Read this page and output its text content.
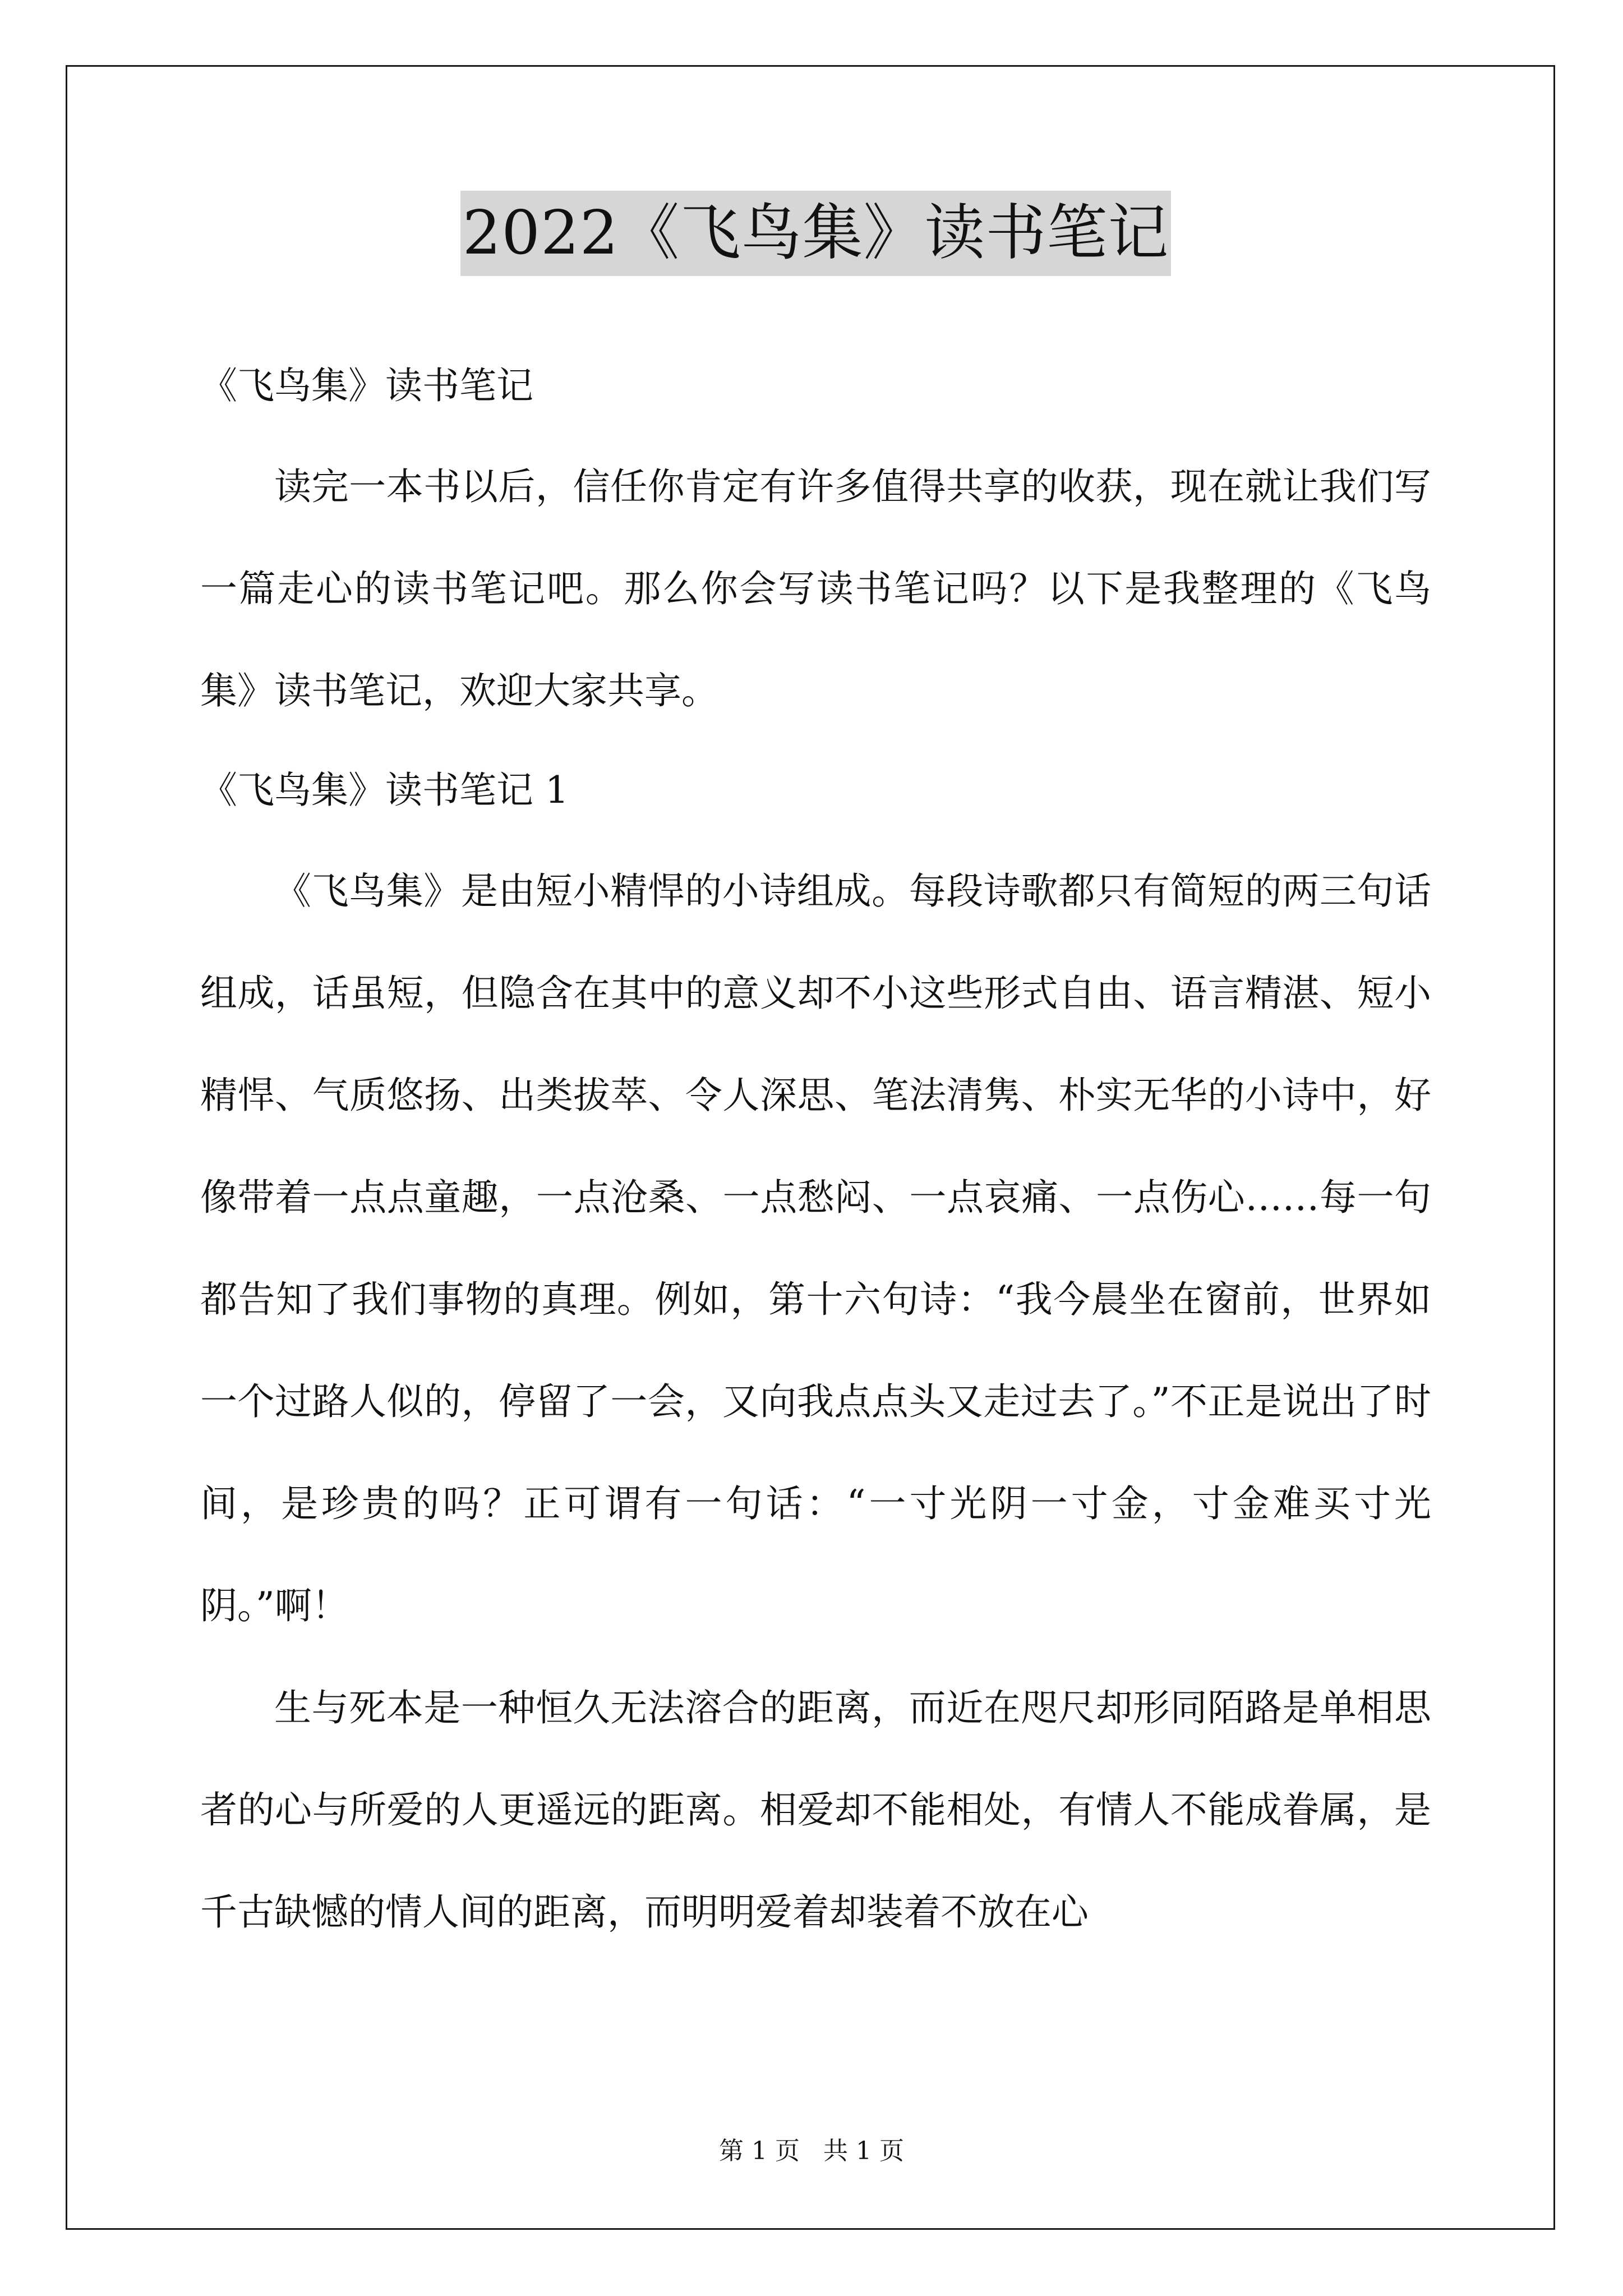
2022《飞鸟集》读书笔记

《飞鸟集》读书笔记

读完一本书以后，信任你肯定有许多值得共享的收获，现在就让我们写一篇走心的读书笔记吧。那么你会写读书笔记吗？以下是我整理的《飞鸟集》读书笔记，欢迎大家共享。

《飞鸟集》读书笔记 1

《飞鸟集》是由短小精悍的小诗组成。每段诗歌都只有简短的两三句话组成，话虽短，但隐含在其中的意义却不小这些形式自由、语言精湛、短小精悍、气质悠扬、出类拔萃、令人深思、笔法清隽、朴实无华的小诗中，好像带着一点点童趣，一点沧桑、一点愁闷、一点哀痛、一点伤心……每一句都告知了我们事物的真理。例如，第十六句诗：“我今晨坐在窗前，世界如一个过路人似的，停留了一会，又向我点点头又走过去了。”不正是说出了时间，是珍贵的吗？正可谓有一句话：“一寸光阴一寸金，寸金难买寸光阴。”啊！

生与死本是一种恒久无法溶合的距离，而近在咫尺却形同陌路是单相思者的心与所爱的人更遥远的距离。相爱却不能相处，有情人不能成眷属，是千古缺憾的情人间的距离，而明明爱着却装着不放在心

第 1 页 共 1 页
